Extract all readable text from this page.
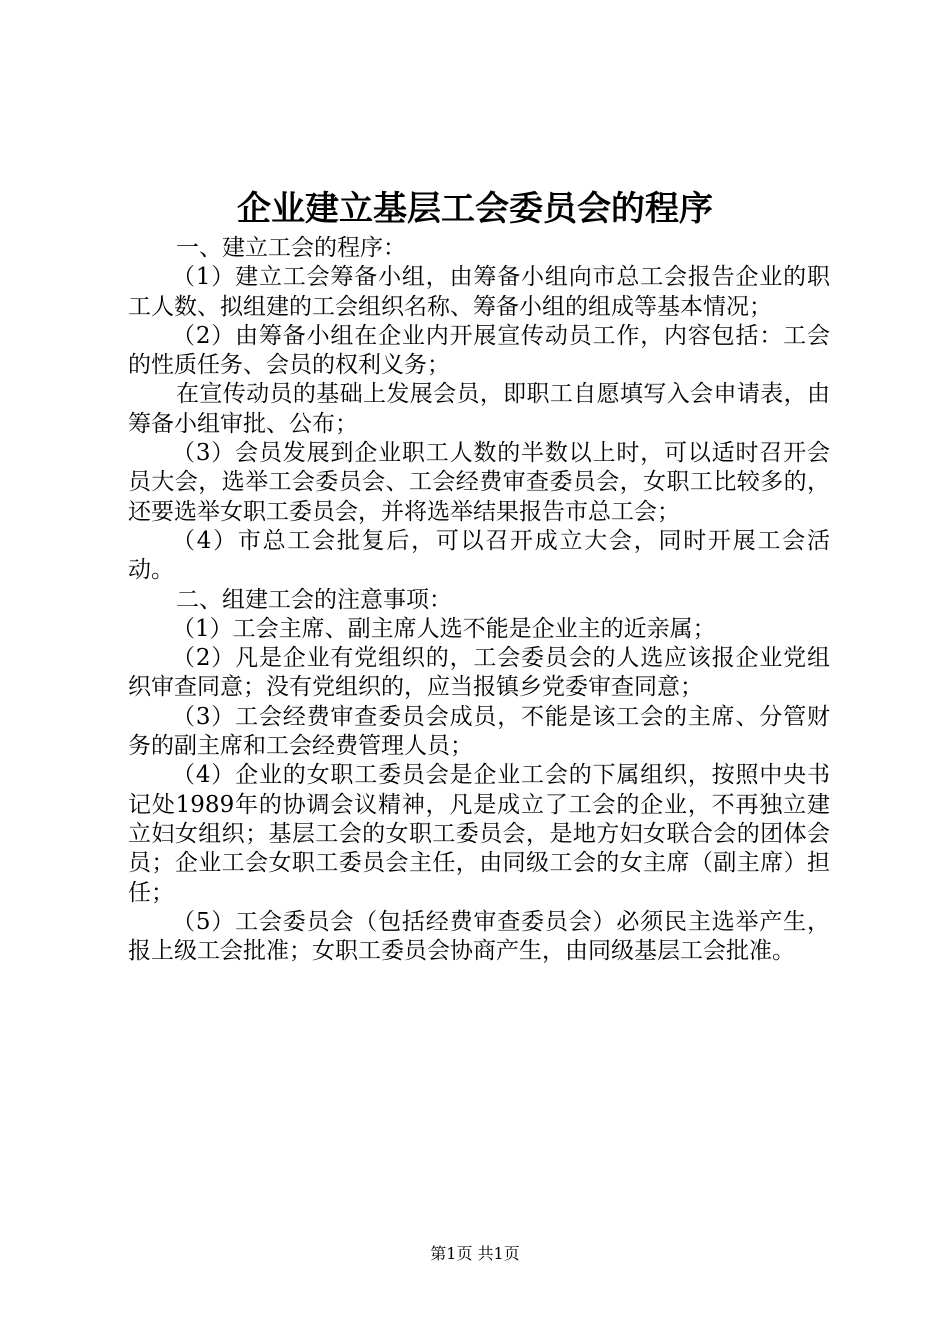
企业建立基层工会委员会的程序

一、建立工会的程序：

（1）建立工会筹备小组，由筹备小组向市总工会报告企业的职工人数、拟组建的工会组织名称、筹备小组的组成等基本情况；

（2）由筹备小组在企业内开展宣传动员工作，内容包括：工会的性质任务、会员的权利义务；

在宣传动员的基础上发展会员，即职工自愿填写入会申请表，由筹备小组审批、公布；

（3）会员发展到企业职工人数的半数以上时，可以适时召开会员大会，选举工会委员会、工会经费审查委员会，女职工比较多的，还要选举女职工委员会，并将选举结果报告市总工会；

（4）市总工会批复后，可以召开成立大会，同时开展工会活动。

二、组建工会的注意事项：

（1）工会主席、副主席人选不能是企业主的近亲属；

（2）凡是企业有党组织的，工会委员会的人选应该报企业党组织审查同意；没有党组织的，应当报镇乡党委审查同意；

（3）工会经费审查委员会成员，不能是该工会的主席、分管财务的副主席和工会经费管理人员；

（4）企业的女职工委员会是企业工会的下属组织，按照中央书记处1989年的协调会议精神，凡是成立了工会的企业，不再独立建立妇女组织；基层工会的女职工委员会，是地方妇女联合会的团体会员；企业工会女职工委员会主任，由同级工会的女主席（副主席）担任；

（5）工会委员会（包括经费审查委员会）必须民主选举产生，报上级工会批准；女职工委员会协商产生，由同级基层工会批准。

第1页 共1页
